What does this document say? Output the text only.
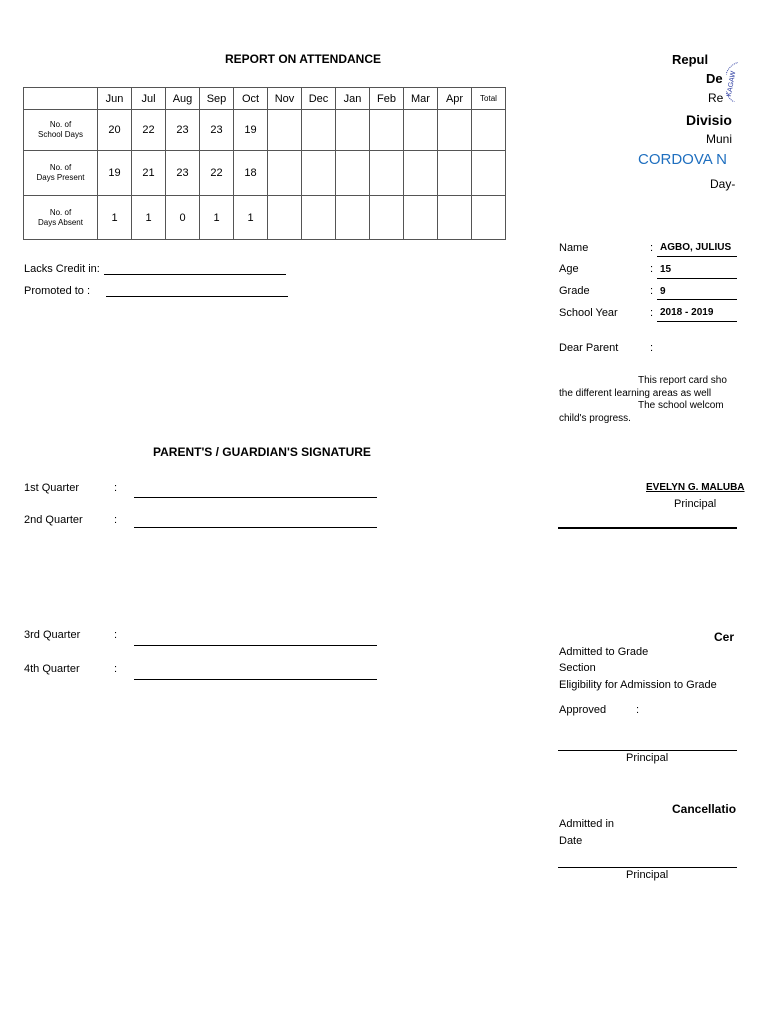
REPORT ON ATTENDANCE
	Jun	Jul	Aug	Sep	Oct	Nov	Dec	Jan	Feb	Mar	Apr	Total
No. of
School Days	20	22	23	23	19							
No. of
Days Present	19	21	23	22	18							
No. of
Days Absent	1	1	0	1	1							
Lacks Credit in:
Promoted to :
PARENT'S / GUARDIAN'S SIGNATURE
1st Quarter	:
2nd Quarter	:
3rd Quarter	:
4th Quarter	:
Repul
De
Re
Divisio
Muni
CORDOVA N
Day-
KAGAW
Name	: AGBO, JULIUS
Age	: 15
Grade	: 9
School Year	: 2018 - 2019
Dear Parent	:
This report card sho
the different learning areas as well
The school welcom
child's progress.
EVELYN G. MALUBA
Principal
Cer
Admitted to Grade
Section
Eligibility for Admission to Grade
Approved	:
Principal
Cancellatio
Admitted in
Date
Principal
